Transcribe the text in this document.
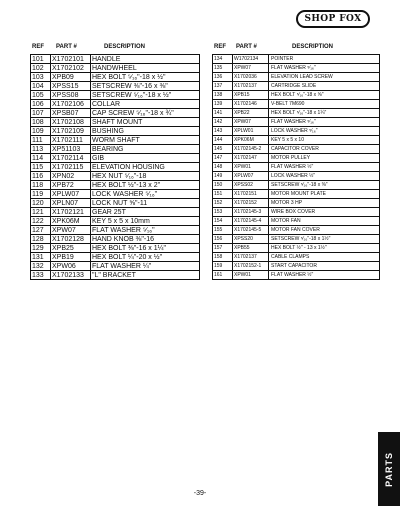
SHOP FOX
REF	PART #	DESCRIPTION
101	X1702101	HANDLE
102	X1702102	HANDWHEEL
103	XPB09	HEX BOLT ⁵⁄₁₆"-18 x ½"
104	XPSS15	SETSCREW ⅜"-16 x ⅜"
105	XPSS08	SETSCREW ⁵⁄₁₆"-18 x ½"
106	X1702106	COLLAR
107	XPSB07	CAP SCREW ⁵⁄₁₆"-18 x ¾"
108	X1702108	SHAFT MOUNT
109	X1702109	BUSHING
111	X1702111	WORM SHAFT
113	XP51103	BEARING
114	X1702114	GIB
115	X1702115	ELEVATION HOUSING
116	XPN02	HEX NUT ⁵⁄₁₆"-18
118	XPB72	HEX BOLT ½"-13 x 2"
119	XPLW07	LOCK WASHER ⁵⁄₁₆"
120	XPLN07	LOCK NUT ⅝"-11
121	X1702121	GEAR 25T
122	XPK06M	KEY 5 x 5 x 10mm
127	XPW07	FLAT WASHER ⁵⁄₁₆"
128	X1702128	HAND KNOB ⅜"-16
129	XPB25	HEX BOLT ⅜"-16 x 1¼"
131	XPB19	HEX BOLT ¼"-20 x ½"
132	XPW06	FLAT WASHER ¼"
133	X1702133	"L" BRACKET
REF	PART #	DESCRIPTION
134	W1702134	POINTER
135	XPW07	FLAT WASHER ⁵⁄₁₆"
136	X1702036	ELEVATION LEAD SCREW
137	X1702137	CARTRIDGE SLIDE
138	XPB15	HEX BOLT ⁵⁄₁₆"-18 x ⅝"
139	X1702146	V-BELT 7M690
141	XPB22	HEX BOLT ⁵⁄₁₆"-18 x 1¼"
142	XPW07	FLAT WASHER ⁵⁄₁₆"
143	XPLW01	LOCK WASHER ⁵⁄₁₆"
144	XPK06M	KEY 5 x 5 x 10
145	X1702145-2	CAPACITOR COVER
147	X1702147	MOTOR PULLEY
148	XPW01	FLAT WASHER ½"
149	XPLW07	LOCK WASHER ½"
150	XPSS02	SETSCREW ⁵⁄₁₆"-18 x ⅜"
151	X1702151	MOTOR MOUNT PLATE
152	X1702152	MOTOR 3 HP
153	X1702145-3	WIRE BOX COVER
154	X1702145-4	MOTOR FAN
155	X1702145-5	MOTOR FAN COVER
156	XPSS20	SETSCREW ⁵⁄₁₆"-18 x 1½"
157	XPB55	HEX BOLT ½" - 13 x 1½"
158	X1702137	CABLE CLAMPS
159	X1702152-1	START CAPACITOR
161	XPW01	FLAT WASHER ½"
-39-
PARTS
